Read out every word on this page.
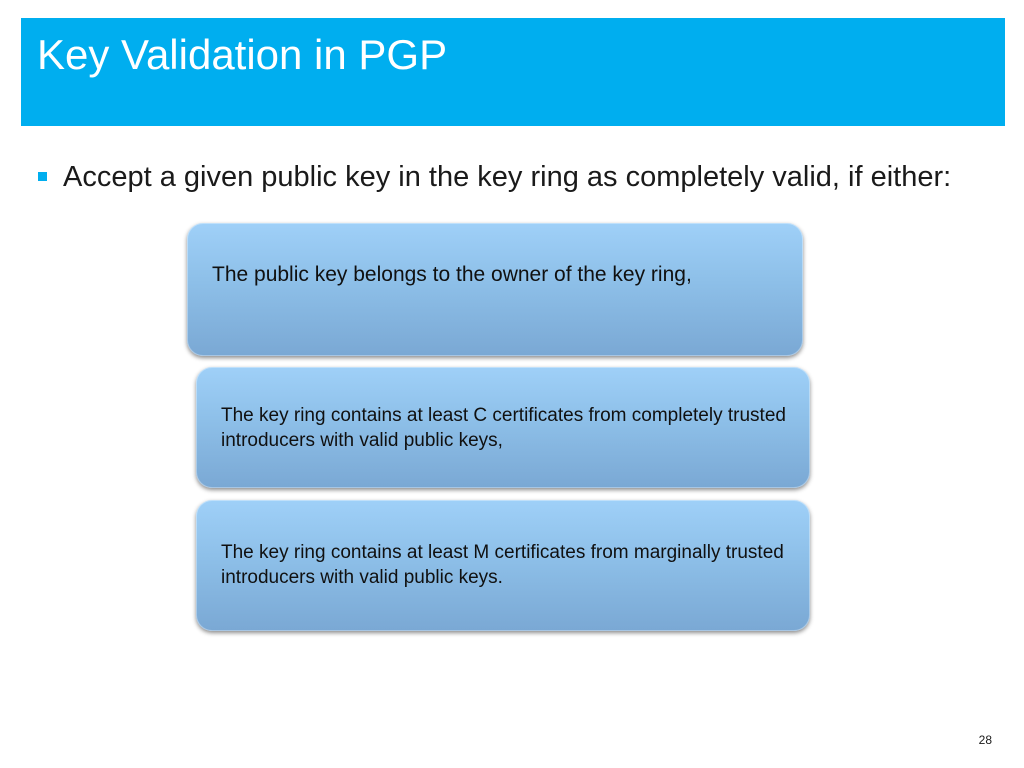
Key Validation in PGP
Accept a given public key in the key ring as completely valid, if either:
The public key belongs to the owner of the key ring,
The key ring contains at least C certificates from completely trusted introducers with valid public keys,
The key ring contains at least M certificates from marginally trusted introducers with valid public keys.
28
